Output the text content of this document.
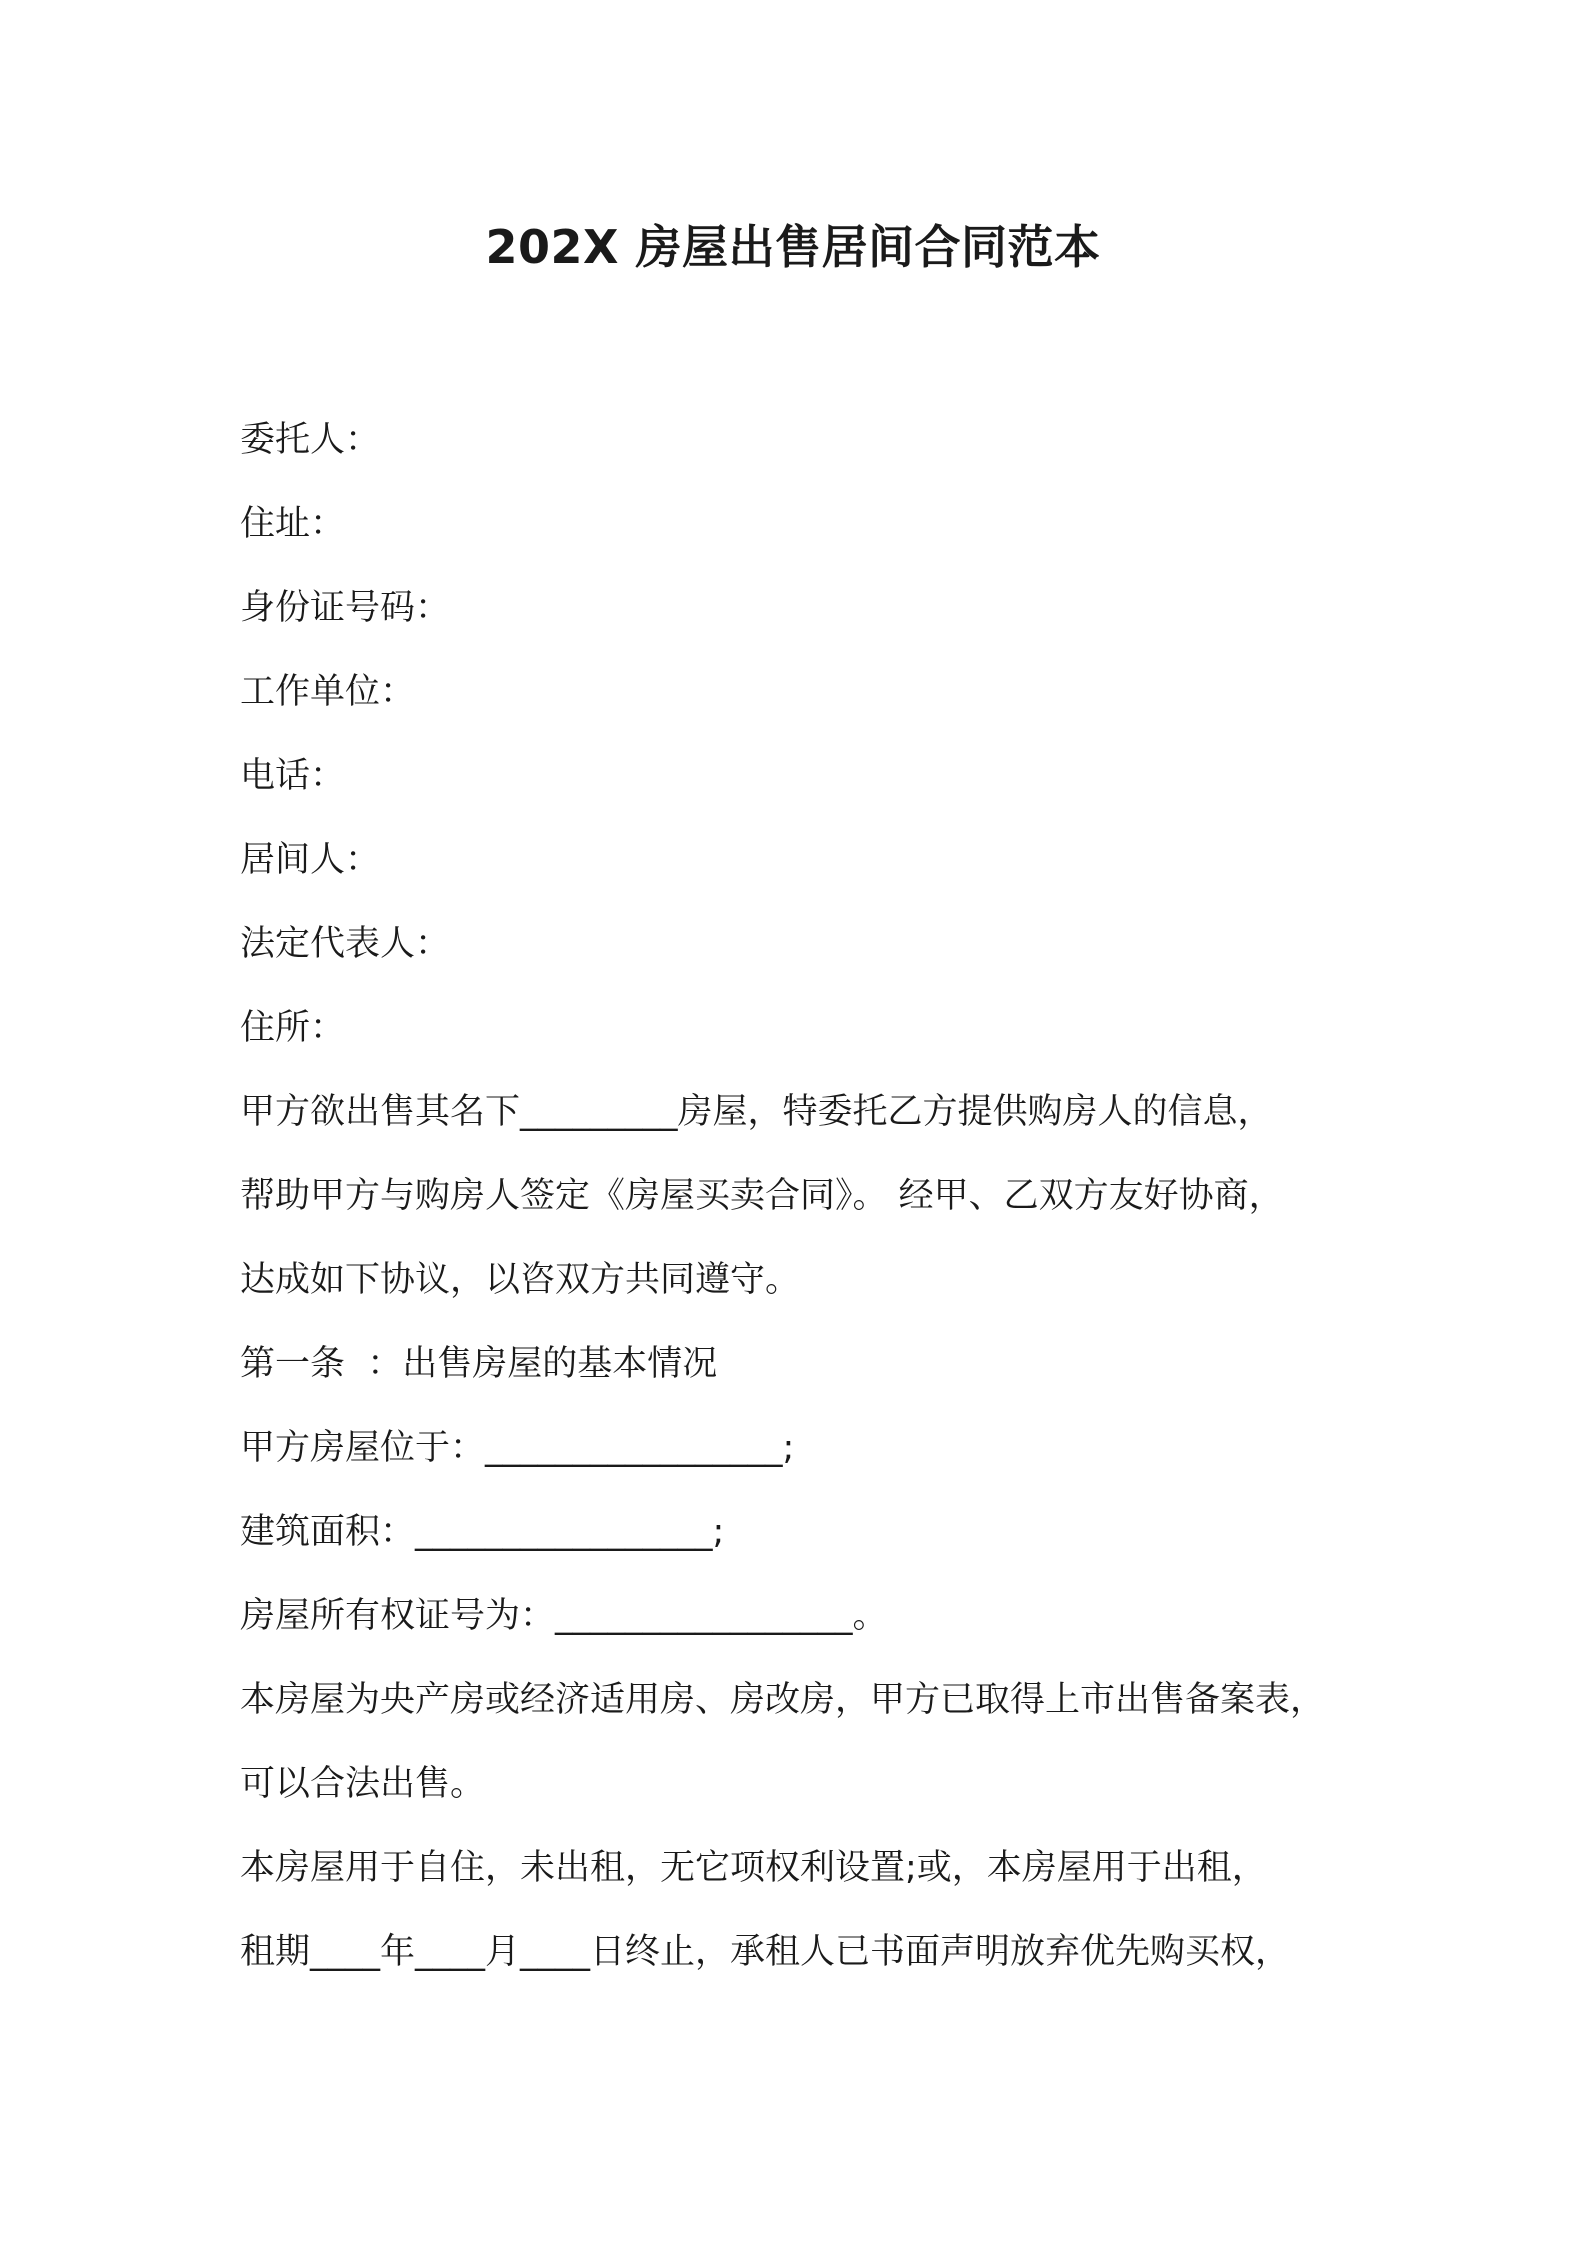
202X 房屋出售居间合同范本
委托人：
住址：
身份证号码：
工作单位：
电话：
居间人：
法定代表人：
住所：
甲方欲出售其名下_________房屋，特委托乙方提供购房人的信息，
帮助甲方与购房人签定《房屋买卖合同》。 经甲、乙双方友好协商，
达成如下协议，以咨双方共同遵守。
第一条  ：出售房屋的基本情况
甲方房屋位于：_________________;
建筑面积：_________________;
房屋所有权证号为：_________________。
本房屋为央产房或经济适用房、房改房，甲方已取得上市出售备案表，
可以合法出售。
本房屋用于自住，未出租，无它项权利设置;或，本房屋用于出租，
租期____年____月____日终止，承租人已书面声明放弃优先购买权，
